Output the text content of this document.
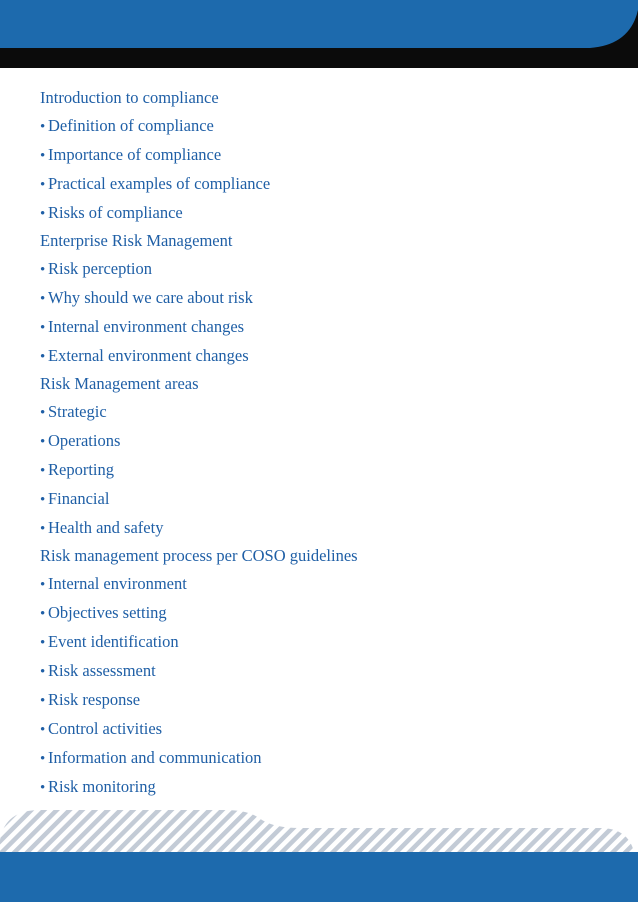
Introduction to compliance
• Definition of compliance
• Importance of compliance
• Practical examples of compliance
• Risks of compliance
Enterprise Risk Management
• Risk perception
• Why should we care about risk
• Internal environment changes
• External environment changes
Risk Management areas
• Strategic
• Operations
• Reporting
• Financial
• Health and safety
Risk management process per COSO guidelines
• Internal environment
• Objectives setting
• Event identification
• Risk assessment
• Risk response
• Control activities
• Information and communication
• Risk monitoring
